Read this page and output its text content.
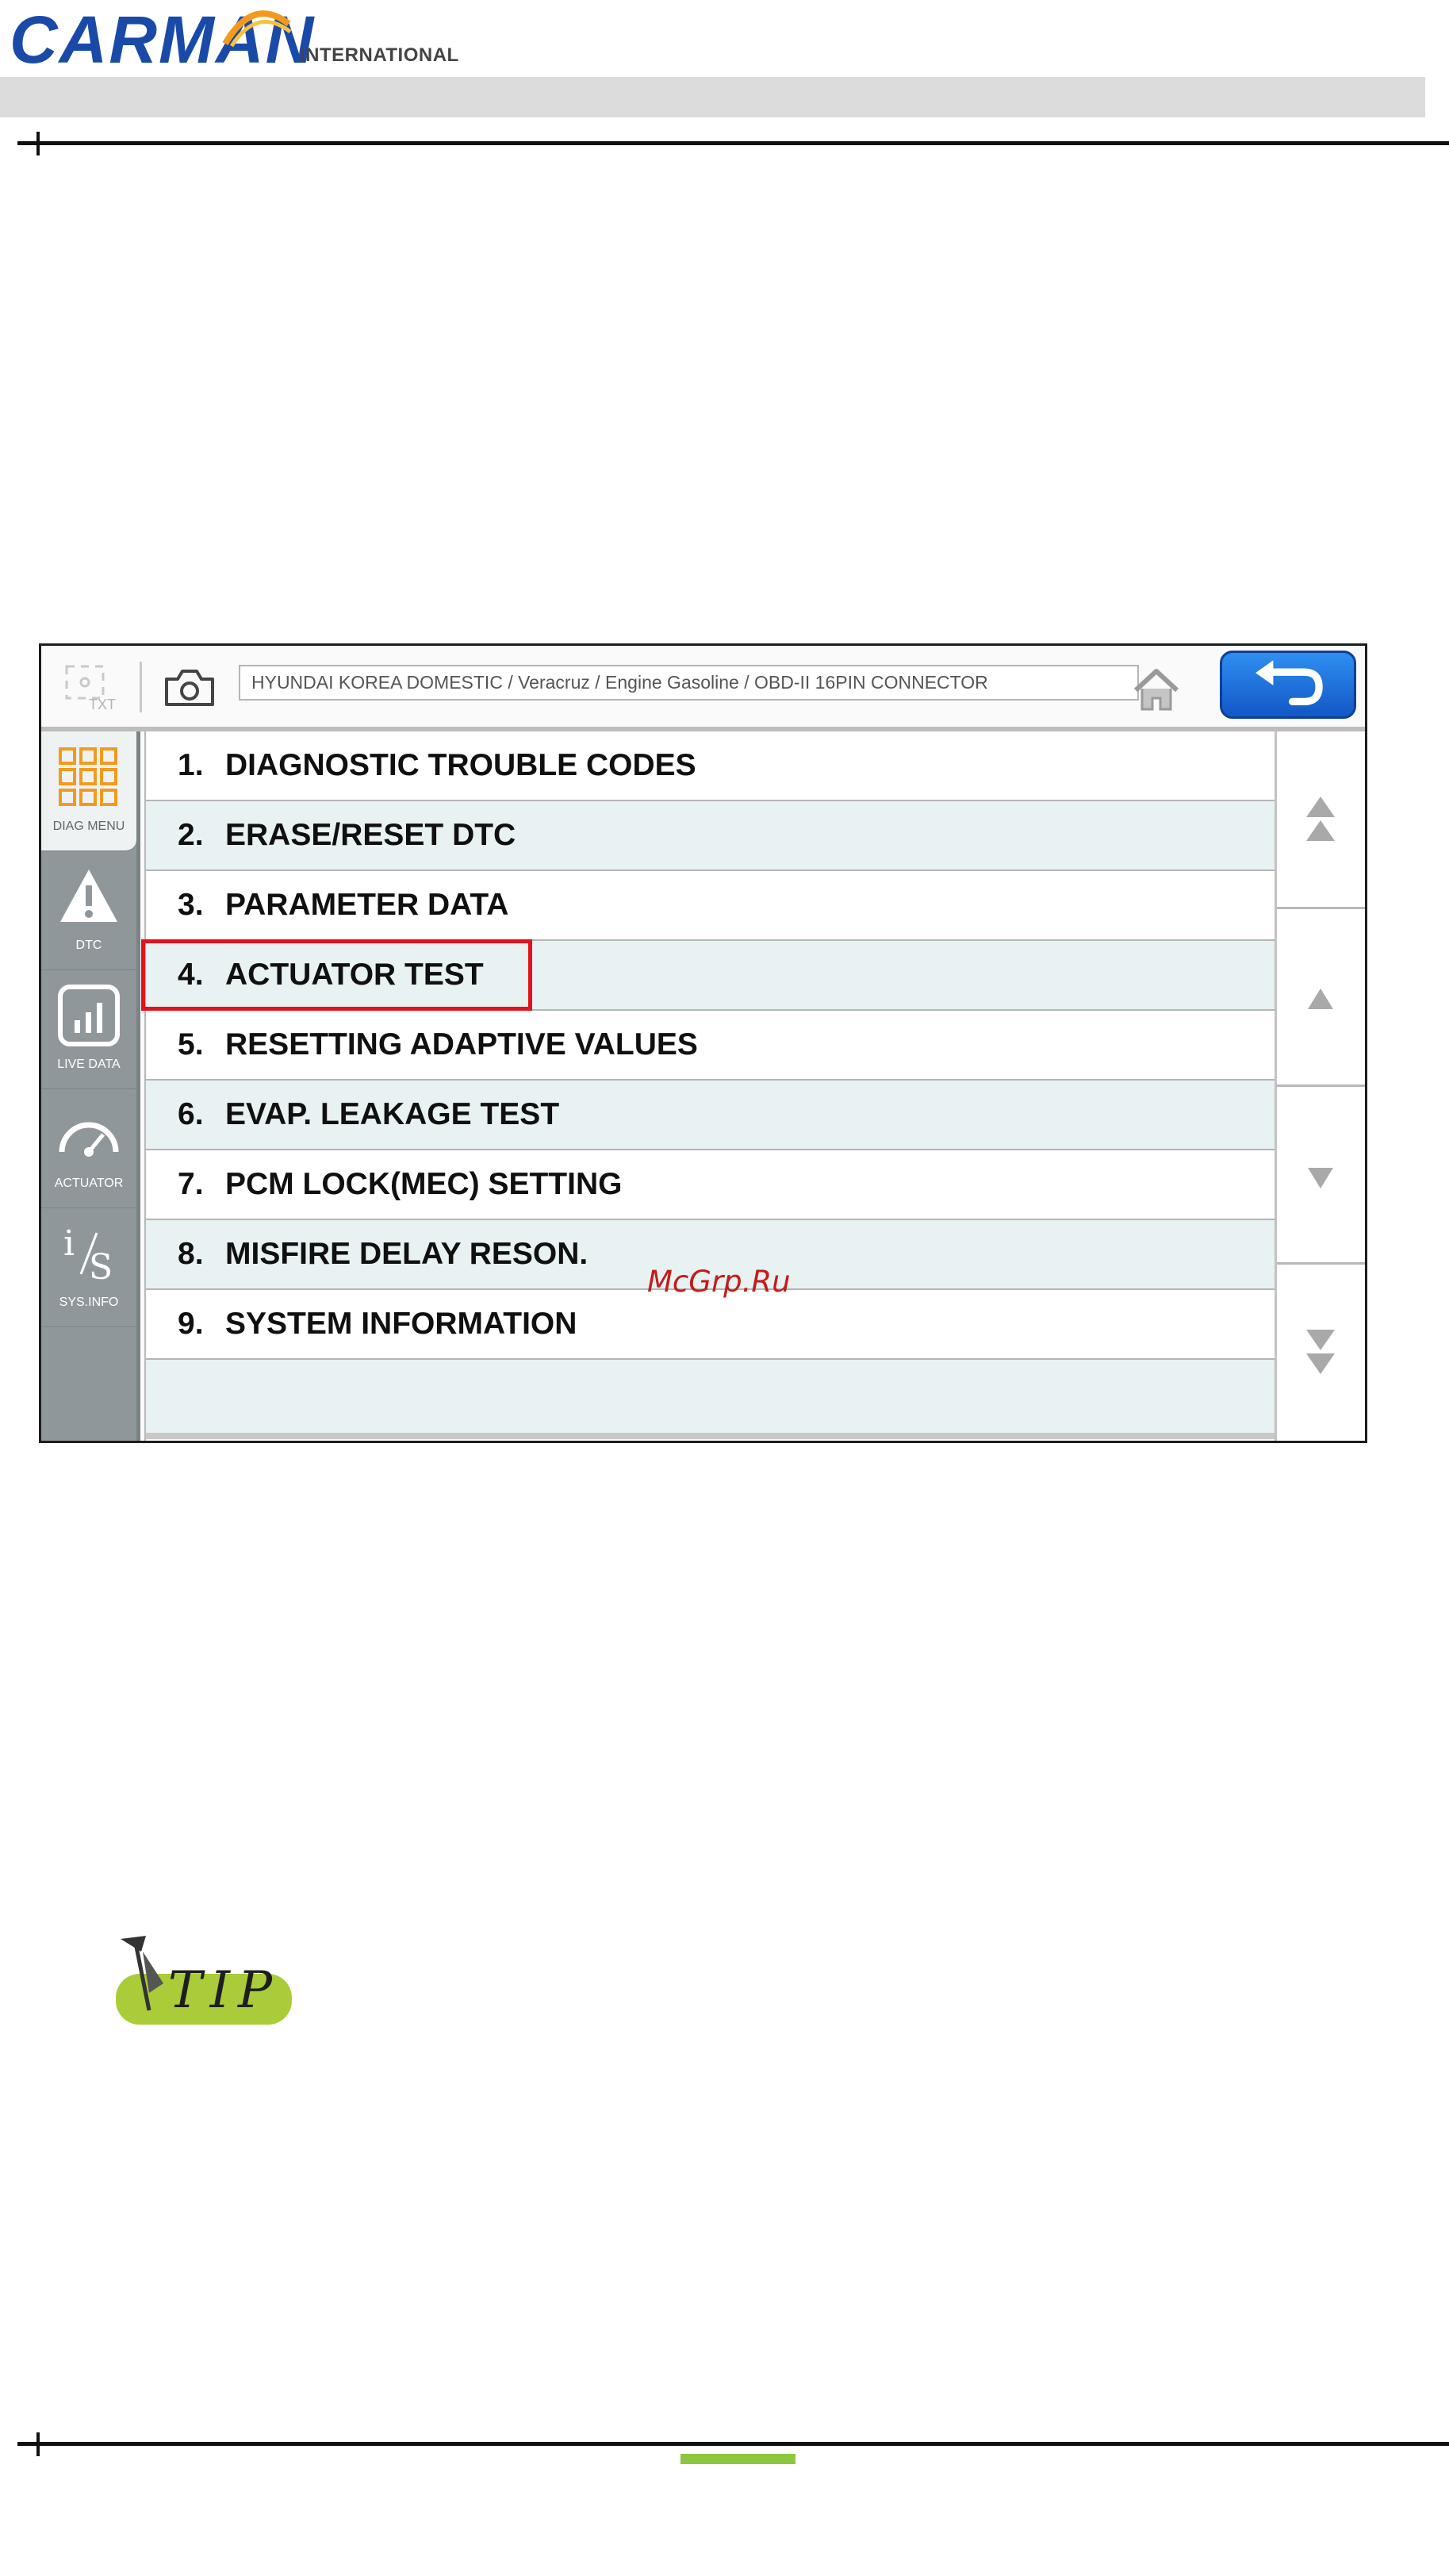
CARMAN
INTERNATIONAL
TXT
HYUNDAI KOREA DOMESTIC / Veracruz / Engine Gasoline / OBD-II 16PIN CONNECTOR
DIAG MENU
DTC
LIVE DATA
ACTUATOR
i
S
SYS.INFO
1. DIAGNOSTIC TROUBLE CODES
2. ERASE/RESET DTC
3. PARAMETER DATA
4. ACTUATOR TEST
5. RESETTING ADAPTIVE VALUES
6. EVAP. LEAKAGE TEST
7. PCM LOCK(MEC) SETTING
8. MISFIRE DELAY RESON.
9. SYSTEM INFORMATION
McGrp.Ru
TIP
